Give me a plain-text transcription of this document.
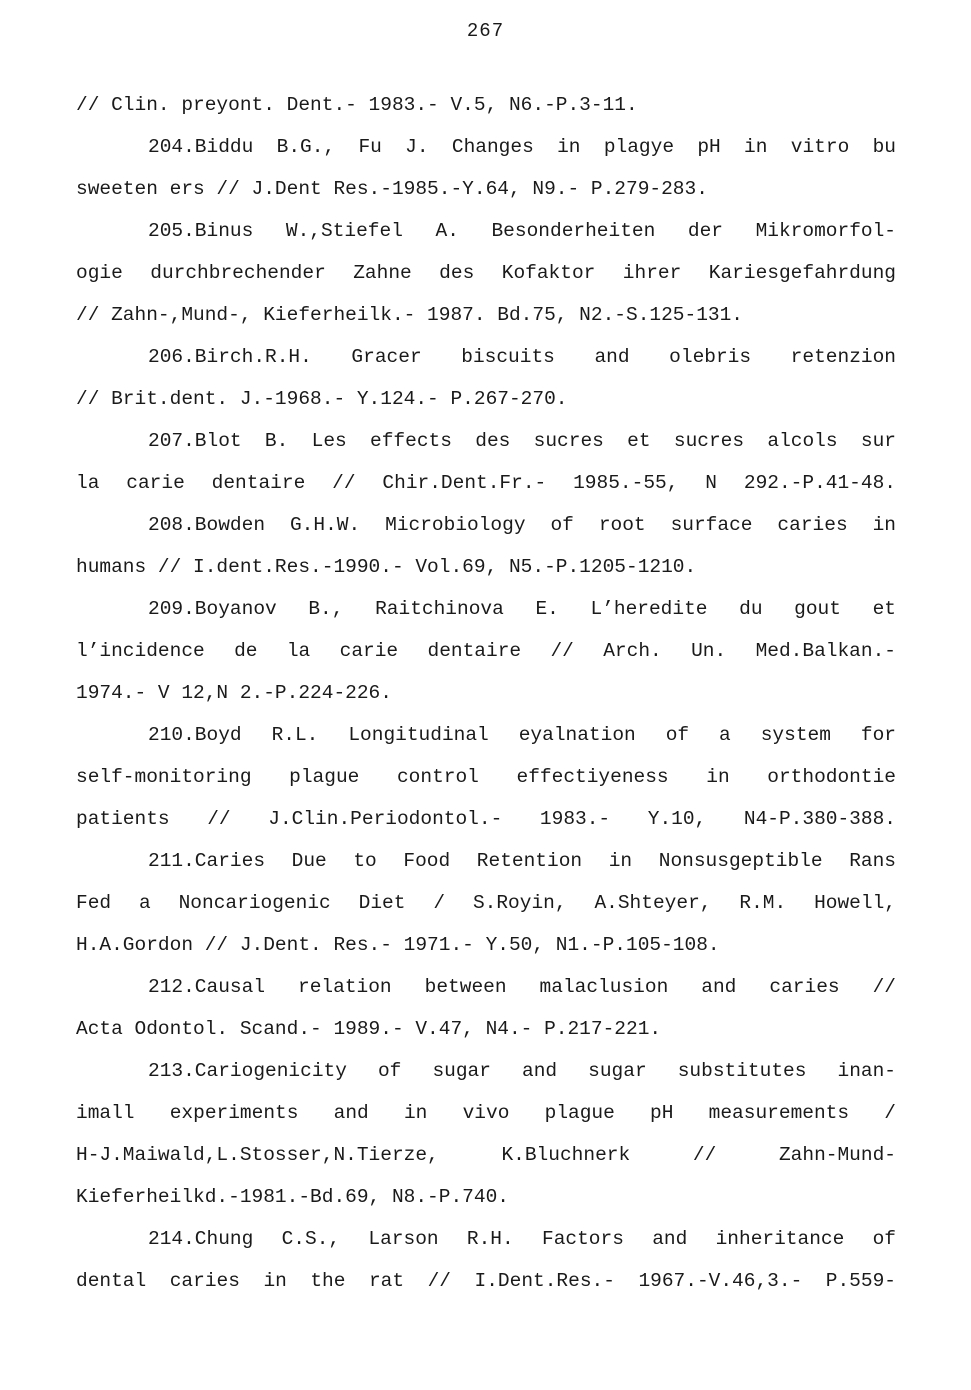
267
// Clin. preyont. Dent.- 1983.- V.5, N6.-P.3-11.
204.Biddu B.G., Fu J. Changes in plagye pH in vitro bu
sweeten ers // J.Dent Res.-1985.-Y.64, N9.- P.279-283.
205.Binus W.,Stiefel A. Besonderheiten der Mikromorfol-
ogie durchbrechender Zahne des Kofaktor ihrer Kariesgefahrdung
// Zahn-,Mund-, Kieferheilk.- 1987. Bd.75, N2.-S.125-131.
206.Birch.R.H. Gracer biscuits and olebris retenzion
// Brit.dent. J.-1968.- Y.124.- P.267-270.
207.Blot B. Les effects des sucres et sucres alcols sur
la carie dentaire // Chir.Dent.Fr.- 1985.-55, N 292.-P.41-48.
208.Bowden G.H.W. Microbiology of root surface caries in
humans // I.dent.Res.-1990.- Vol.69, N5.-P.1205-1210.
209.Boyanov B., Raitchinova E. L’heredite du gout et
l’incidence de la carie dentaire // Arch. Un. Med.Balkan.-
1974.- V 12,N 2.-P.224-226.
210.Boyd R.L. Longitudinal eyalnation of a system for
self-monitoring plague control effectiyeness in orthodontie
patients // J.Clin.Periodontol.- 1983.- Y.10, N4-P.380-388.
211.Caries Due to Food Retention in Nonsusgeptible Rans
Fed a Noncariogenic Diet / S.Royin, A.Shteyer, R.M. Howell,
H.A.Gordon // J.Dent. Res.- 1971.- Y.50, N1.-P.105-108.
212.Causal relation between malaclusion and caries //
Acta Odontol. Scand.- 1989.- V.47, N4.- P.217-221.
213.Cariogenicity of sugar and sugar substitutes inan-
imall experiments and in vivo plague pH measurements /
H-J.Maiwald,L.Stosser,N.Tierze, K.Bluchnerk // Zahn-Mund-
Kieferheilkd.-1981.-Bd.69, N8.-P.740.
214.Chung C.S., Larson R.H. Factors and inheritance of
dental caries in the rat // I.Dent.Res.- 1967.-V.46,3.- P.559-
